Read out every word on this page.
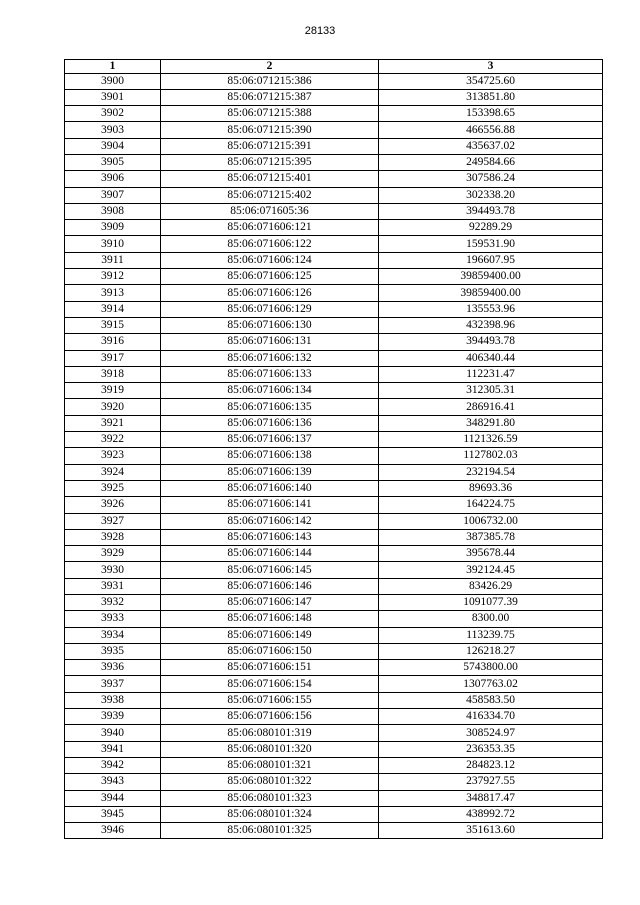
28133
1	2	3
3900	85:06:071215:386	354725.60
3901	85:06:071215:387	313851.80
3902	85:06:071215:388	153398.65
3903	85:06:071215:390	466556.88
3904	85:06:071215:391	435637.02
3905	85:06:071215:395	249584.66
3906	85:06:071215:401	307586.24
3907	85:06:071215:402	302338.20
3908	85:06:071605:36	394493.78
3909	85:06:071606:121	92289.29
3910	85:06:071606:122	159531.90
3911	85:06:071606:124	196607.95
3912	85:06:071606:125	39859400.00
3913	85:06:071606:126	39859400.00
3914	85:06:071606:129	135553.96
3915	85:06:071606:130	432398.96
3916	85:06:071606:131	394493.78
3917	85:06:071606:132	406340.44
3918	85:06:071606:133	112231.47
3919	85:06:071606:134	312305.31
3920	85:06:071606:135	286916.41
3921	85:06:071606:136	348291.80
3922	85:06:071606:137	1121326.59
3923	85:06:071606:138	1127802.03
3924	85:06:071606:139	232194.54
3925	85:06:071606:140	89693.36
3926	85:06:071606:141	164224.75
3927	85:06:071606:142	1006732.00
3928	85:06:071606:143	387385.78
3929	85:06:071606:144	395678.44
3930	85:06:071606:145	392124.45
3931	85:06:071606:146	83426.29
3932	85:06:071606:147	1091077.39
3933	85:06:071606:148	8300.00
3934	85:06:071606:149	113239.75
3935	85:06:071606:150	126218.27
3936	85:06:071606:151	5743800.00
3937	85:06:071606:154	1307763.02
3938	85:06:071606:155	458583.50
3939	85:06:071606:156	416334.70
3940	85:06:080101:319	308524.97
3941	85:06:080101:320	236353.35
3942	85:06:080101:321	284823.12
3943	85:06:080101:322	237927.55
3944	85:06:080101:323	348817.47
3945	85:06:080101:324	438992.72
3946	85:06:080101:325	351613.60
